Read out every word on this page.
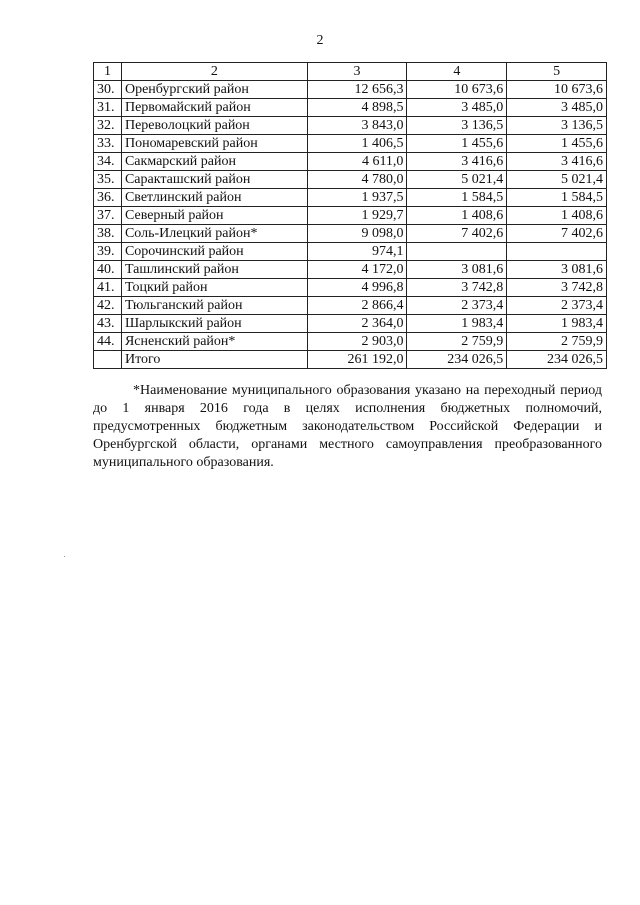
2
1	2	3	4	5
30.	Оренбургский район	12 656,3	10 673,6	10 673,6
31.	Первомайский район	4 898,5	3 485,0	3 485,0
32.	Переволоцкий район	3 843,0	3 136,5	3 136,5
33.	Пономаревский район	1 406,5	1 455,6	1 455,6
34.	Сакмарский район	4 611,0	3 416,6	3 416,6
35.	Саракташский район	4 780,0	5 021,4	5 021,4
36.	Светлинский район	1 937,5	1 584,5	1 584,5
37.	Северный район	1 929,7	1 408,6	1 408,6
38.	Соль-Илецкий район*	9 098,0	7 402,6	7 402,6
39.	Сорочинский район	974,1		
40.	Ташлинский район	4 172,0	3 081,6	3 081,6
41.	Тоцкий район	4 996,8	3 742,8	3 742,8
42.	Тюльганский район	2 866,4	2 373,4	2 373,4
43.	Шарлыкский район	2 364,0	1 983,4	1 983,4
44.	Ясненский район*	2 903,0	2 759,9	2 759,9
	Итого	261 192,0	234 026,5	234 026,5

*Наименование муниципального образования указано на переходный период до 1 января 2016 года в целях исполнения бюджетных полномочий, предусмотренных бюджетным законодательством Российской Федерации и Оренбургской области, органами местного самоуправления преобразованного муниципального образования.
